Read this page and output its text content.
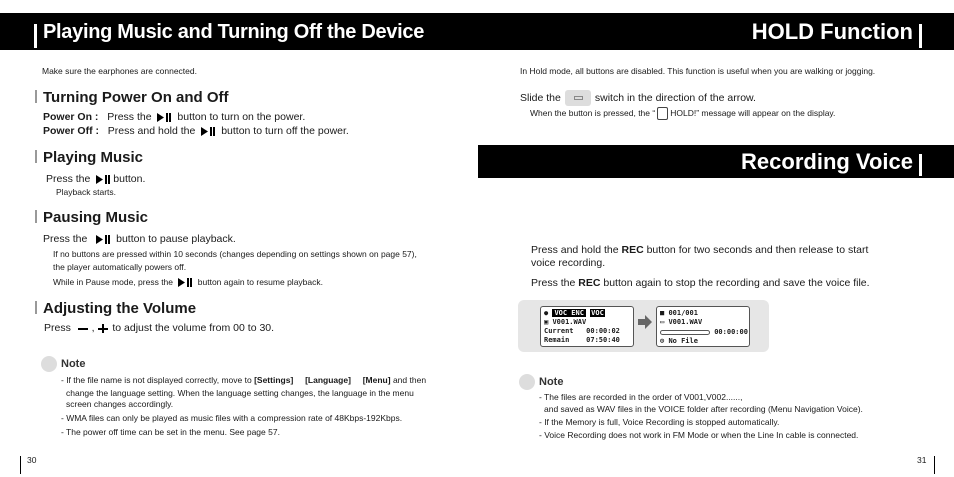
Playing Music and Turning Off the Device
Make sure the earphones are connected.
Turning Power On and Off
Power On : Press the button to turn on the power.
Power Off : Press and hold the button to turn off the power.
Playing Music
Press the button.
Playback starts.
Pausing Music
Press the	button to pause playback.
If no buttons are pressed within 10 seconds (changes depending on settings shown on page 57),
the player automatically powers off.
While in Pause mode, press the	button again to resume playback.
Adjusting the Volume
Press   ,  to adjust the volume from 00 to 30.
Note
- If the file name is not displayed correctly, move to [Settings] [Language] [Menu] and then
change the language setting. When the language setting changes, the language in the menu
screen changes accordingly.
- WMA files can only be played as music files with a compression rate of 48Kbps-192Kbps.
- The power off time can be set in the menu. See page 57.
30
HOLD Function
In Hold mode, all buttons are disabled. This function is useful when you are walking or jogging.
Slide the	switch in the direction of the arrow.
When the button is pressed, the “ HOLD!” message will appear on the display.
Recording Voice
Press and hold the REC button for two seconds and then release to start
voice recording.
Press the REC button again to stop the recording and save the voice file.
● VOC ENC VOC
▣ V001.WAV
Current 00:00:02
Remain 07:50:40
■ 001/001
▭ V001.WAV
00:00:00
⊙ No File
Note
- The files are recorded in the order of V001,V002......,
and saved as WAV files in the VOICE folder after recording (Menu Navigation Voice).
- If the Memory is full, Voice Recording is stopped automatically.
- Voice Recording does not work in FM Mode or when the Line In cable is connected.
31
